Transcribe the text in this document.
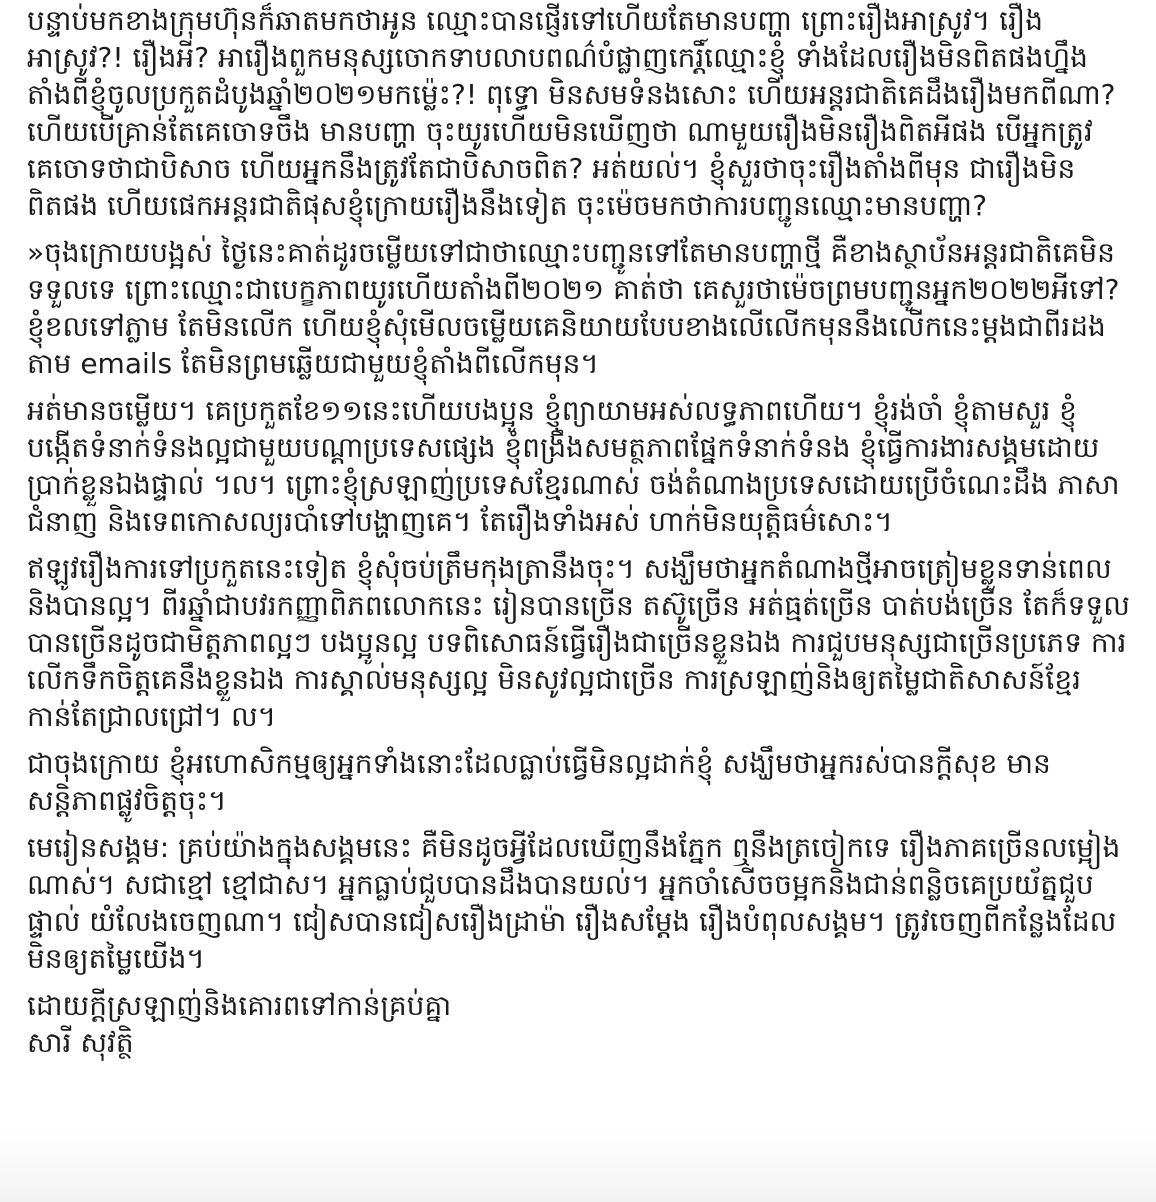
បន្ទាប់មកខាងក្រុមហ៊ុនក៏ឆាតមកថាអូន ឈ្មោះបានផ្ញើរទៅហើយតែមានបញ្ហា ព្រោះរឿងអាស្រូវ។ រឿងអាស្រូវ?! រឿងអី? អារឿងពួកមនុស្សចោកទាបលាបពណ៌បំផ្លាញកេរ្តិ៍ឈ្មោះខ្ញុំ ទាំងដែលរឿងមិនពិតផងហ្នឹង តាំងពីខ្ញុំចូលប្រកួតដំបូងឆ្នាំ២០២១មកម្ល៉េះ?! ពុទ្ធោ មិនសមទំនងសោះ ហើយអន្តរជាតិគេដឹងរឿងមកពីណា? ហើយបើគ្រាន់តែគេចោទចឹង មានបញ្ហា ចុះយូរហើយមិនឃើញថា ណាមួយរឿងមិនរឿងពិតអីផង បើអ្នកត្រូវគេចោទថាជាបិសាច ហើយអ្នកនឹងត្រូវតែជាបិសាចពិត? អត់យល់។ ខ្ញុំសួរថាចុះរឿងតាំងពីមុន ជារឿងមិនពិតផង ហើយផេកអន្តរជាតិផុសខ្ញុំក្រោយរឿងនឹងទៀត ចុះម៉េចមកថាការបញ្ជូនឈ្មោះមានបញ្ហា?

»ចុងក្រោយបង្អស់ ថ្ងៃនេះគាត់ដូរចម្លើយទៅជាថាឈ្មោះបញ្ជូនទៅតែមានបញ្ហាថ្មី គឺខាងស្ថាប័នអន្តរជាតិគេមិនទទួលទេ ព្រោះឈ្មោះជាបេក្ខភាពយូរហើយតាំងពី២០២១ គាត់ថា គេសួរថាម៉េចព្រមបញ្ជូនអ្នក២០២២អីទៅ? ខ្ញុំខលទៅភ្លាម តែមិនលើក ហើយខ្ញុំសុំមើលចម្លើយគេនិយាយបែបខាងលើលើកមុននឹងលើកនេះម្តងជាពីរដងតាម emails តែមិនព្រមឆ្លើយជាមួយខ្ញុំតាំងពីលើកមុន។

អត់មានចម្លើយ។ គេប្រកួតខែ១១នេះហើយបងប្អូន ខ្ញុំព្យាយាមអស់លទ្ធភាពហើយ។ ខ្ញុំរង់ចាំ ខ្ញុំតាមសួរ ខ្ញុំបង្កើតទំនាក់ទំនងល្អជាមួយបណ្តាប្រទេសផ្សេង ខ្ញុំពង្រឹងសមត្ថភាពផ្នែកទំនាក់ទំនង ខ្ញុំធ្វើការងារសង្គមដោយប្រាក់ខ្លួនឯងផ្ទាល់ ។ល។ ព្រោះខ្ញុំស្រឡាញ់ប្រទេសខ្មែរណាស់ ចង់តំណាងប្រទេសដោយប្រើចំណេះដឹង ភាសា ជំនាញ និងទេពកោសល្យរបាំទៅបង្ហាញគេ។ តែរឿងទាំងអស់ ហាក់មិនយុត្តិធម៌សោះ។

ឥឡូវរឿងការទៅប្រកួតនេះទៀត ខ្ញុំសុំចប់ត្រឹមកុងត្រានឹងចុះ។ សង្ឃឹមថាអ្នកតំណាងថ្មីអាចត្រៀមខ្លួនទាន់ពេលនិងបានល្អ។ ពីរឆ្នាំជាបវរកញ្ញាពិភពលោកនេះ រៀនបានច្រើន តស៊ូច្រើន អត់ធ្មត់ច្រើន បាត់បង់ច្រើន តែក៏ទទួលបានច្រើនដូចជាមិត្តភាពល្អៗ បងប្អូនល្អ បទពិសោធន៍ធ្វើរឿងជាច្រើនខ្លួនឯង ការជួបមនុស្សជាច្រើនប្រភេទ ការលើកទឹកចិត្តគេនឹងខ្លួនឯង ការស្គាល់មនុស្សល្អ មិនសូវល្អជាច្រើន ការស្រឡាញ់និងឲ្យតម្លៃជាតិសាសន៍ខ្មែរកាន់តែជ្រាលជ្រៅ។ ល។

ជាចុងក្រោយ ខ្ញុំអហោសិកម្មឲ្យអ្នកទាំងនោះដែលធ្លាប់ធ្វើមិនល្អដាក់ខ្ញុំ សង្ឃឹមថាអ្នករស់បានក្តីសុខ មានសន្តិភាពផ្លូវចិត្តចុះ។

មេរៀនសង្គម: គ្រប់យ៉ាងក្នុងសង្គមនេះ គឺមិនដូចអ្វីដែលឃើញនឹងភ្នែក ឮនឹងត្រចៀកទេ រឿងភាគច្រើនលម្អៀងណាស់។ សជាខ្មៅ ខ្មៅជាស។ អ្នកធ្លាប់ជួបបានដឹងបានយល់។ អ្នកចាំសើចចម្អកនិងជាន់ពន្លិចគេប្រយ័ត្នជួបផ្ទាល់ យំលែងចេញណា។ ជៀសបានជៀសរឿងដ្រាម៉ា រឿងសម្តែង រឿងបំពុលសង្គម។ ត្រូវចេញពីកន្លែងដែលមិនឲ្យតម្លៃយើង។

ដោយក្តីស្រឡាញ់និងគោរពទៅកាន់គ្រប់គ្នា
សារី សុវត្ថិ
